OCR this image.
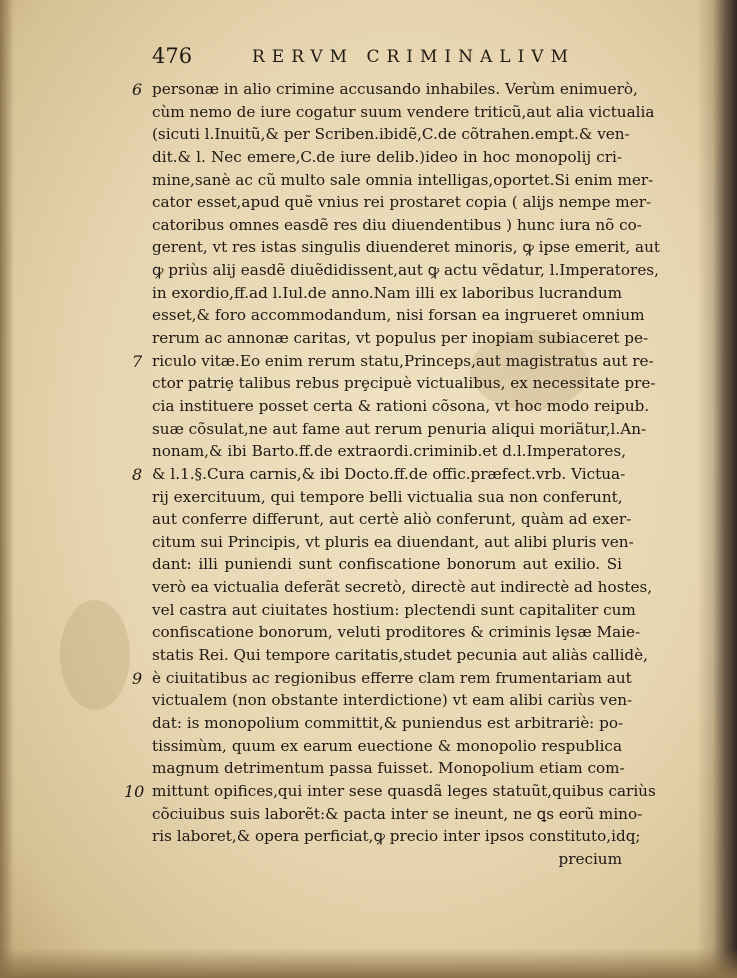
476	RERVM CRIMINALIVM
6
7
8
9
10
personæ in alio crimine accusando inhabiles. Verùm enimuerò,
cùm nemo de iure cogatur suum vendere triticũ,aut alia victualia
(sicuti l.Inuitũ,& per Scriben.ibidẽ,C.de cõtrahen.empt.& ven-
dit.& l. Nec emere,C.de iure delib.)ideo in hoc monopolij cri-
mine,sanè ac cũ multo sale omnia intelligas,oportet.Si enim mer-
cator esset,apud quẽ vnius rei prostaret copia ( alijs nempe mer-
catoribus omnes easdẽ res diu diuendentibus ) hunc iura nõ co-
gerent, vt res istas singulis diuenderet minoris, ꝙ ipse emerit, aut
ꝙ priùs alij easdẽ diuẽdidissent,aut ꝙ actu vẽdatur, l.Imperatores,
in exordio,ff.ad l.Iul.de anno.Nam illi ex laboribus lucrandum
esset,& foro accommodandum, nisi forsan ea ingrueret omnium
rerum ac annonæ caritas, vt populus per inopiam subiaceret pe-
riculo vitæ.Eo enim rerum statu,Princeps,aut magistratus aut re-
ctor patriȩ talibus rebus prȩcipuè victualibus, ex necessitate pre-
cia instituere posset certa & rationi cõsona, vt hoc modo reipub.
suæ cõsulat,ne aut fame aut rerum penuria aliqui moriãtur,l.An-
nonam,& ibi Barto.ff.de extraordi.criminib.et d.l.Imperatores,
& l.1.§.Cura carnis,& ibi Docto.ff.de offic.præfect.vrb. Victua-
rij exercituum, qui tempore belli victualia sua non conferunt,
aut conferre differunt, aut certè aliò conferunt, quàm ad exer-
citum sui Principis, vt pluris ea diuendant, aut alibi pluris ven-
dant: illi puniendi sunt confiscatione bonorum aut exilio. Si
verò ea victualia deferãt secretò, directè aut indirectè ad hostes,
vel castra aut ciuitates hostium: plectendi sunt capitaliter cum
confiscatione bonorum, veluti proditores & criminis lȩsæ Maie-
statis Rei. Qui tempore caritatis,studet pecunia aut aliàs callidè,
è ciuitatibus ac regionibus efferre clam rem frumentariam aut
victualem (non obstante interdictione) vt eam alibi cariùs ven-
dat: is monopolium committit,& puniendus est arbitrariè: po-
tissimùm, quum ex earum euectione & monopolio respublica
magnum detrimentum passa fuisset. Monopolium etiam com-
mittunt opifices,qui inter sese quasdã leges statuũt,quibus cariùs
cõciuibus suis laborẽt:& pacta inter se ineunt, ne ꝗs eorũ mino-
ris laboret,& opera perficiat,ꝙ precio inter ipsos constituto,idq;
precium
